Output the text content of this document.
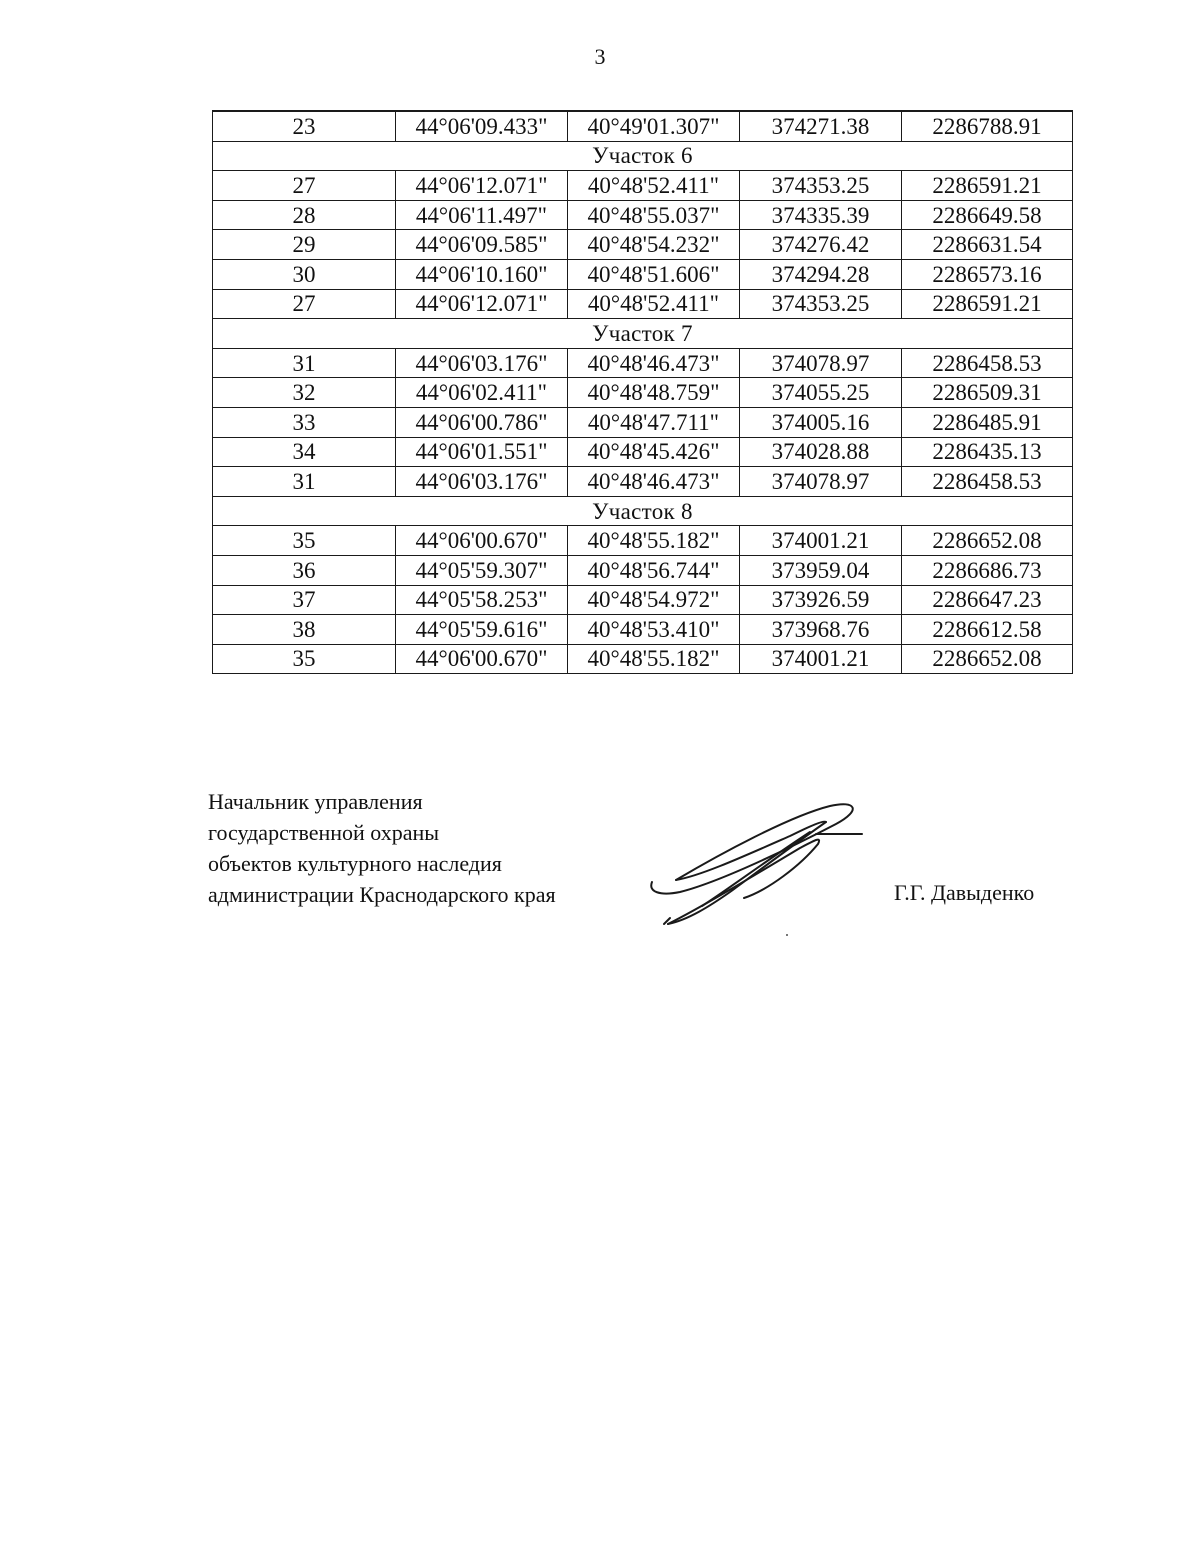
3
23	44°06'09.433"	40°49'01.307"	374271.38	2286788.91
Участок 6				
27	44°06'12.071"	40°48'52.411"	374353.25	2286591.21
28	44°06'11.497"	40°48'55.037"	374335.39	2286649.58
29	44°06'09.585"	40°48'54.232"	374276.42	2286631.54
30	44°06'10.160"	40°48'51.606"	374294.28	2286573.16
27	44°06'12.071"	40°48'52.411"	374353.25	2286591.21
Участок 7				
31	44°06'03.176"	40°48'46.473"	374078.97	2286458.53
32	44°06'02.411"	40°48'48.759"	374055.25	2286509.31
33	44°06'00.786"	40°48'47.711"	374005.16	2286485.91
34	44°06'01.551"	40°48'45.426"	374028.88	2286435.13
31	44°06'03.176"	40°48'46.473"	374078.97	2286458.53
Участок 8				
35	44°06'00.670"	40°48'55.182"	374001.21	2286652.08
36	44°05'59.307"	40°48'56.744"	373959.04	2286686.73
37	44°05'58.253"	40°48'54.972"	373926.59	2286647.23
38	44°05'59.616"	40°48'53.410"	373968.76	2286612.58
35	44°06'00.670"	40°48'55.182"	374001.21	2286652.08
Начальник управления
государственной охраны
объектов культурного наследия
администрации Краснодарского края	Г.Г. Давыденко
